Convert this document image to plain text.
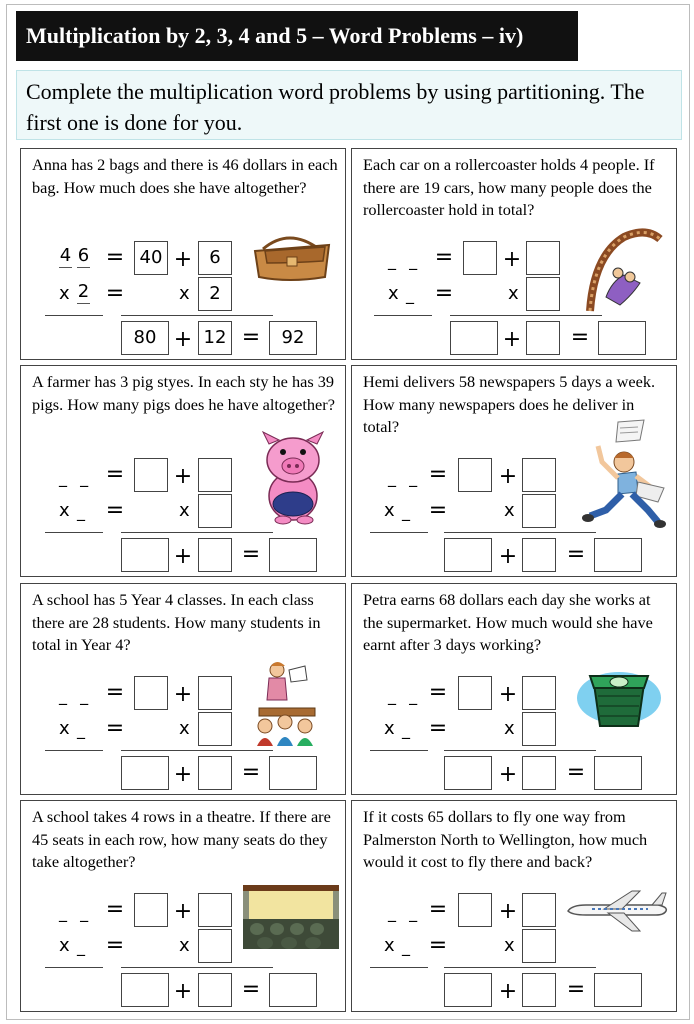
Multiplication by 2, 3, 4 and 5 – Word Problems – iv)
Complete the multiplication word problems by using partitioning. The first one is done for you.
Anna has 2 bags and there is 46 dollars in each bag. How much does she have altogether?
4 6 = 40 + 6
x 2 =	x	2
80 + 12 =	92
Each car on a rollercoaster holds 4 people. If there are 19 cars, how many people does the rollercoaster hold in total?
_ _ = +
x _ =	x
+ =
A farmer has 3 pig styes. In each sty he has 39 pigs. How many pigs does he have altogether?
_ _ = +
x _ =	x
+ =
Hemi delivers 58 newspapers 5 days a week. How many newspapers does he deliver in total?
_ _ = +
x _ =	x
+ =
A school has 5 Year 4 classes. In each class there are 28 students. How many students in total in Year 4?
_ _ = +
x _ =	x
+ =
Petra earns 68 dollars each day she works at the supermarket. How much would she have earnt after 3 days working?
_ _ = +
x _ =	x
+ =
A school takes 4 rows in a theatre. If there are 45 seats in each row, how many seats do they take altogether?
_ _ = +
x _ =	x
+ =
If it costs 65 dollars to fly one way from Palmerston North to Wellington, how much would it cost to fly there and back?
_ _ = +
x _ =	x
+ =
